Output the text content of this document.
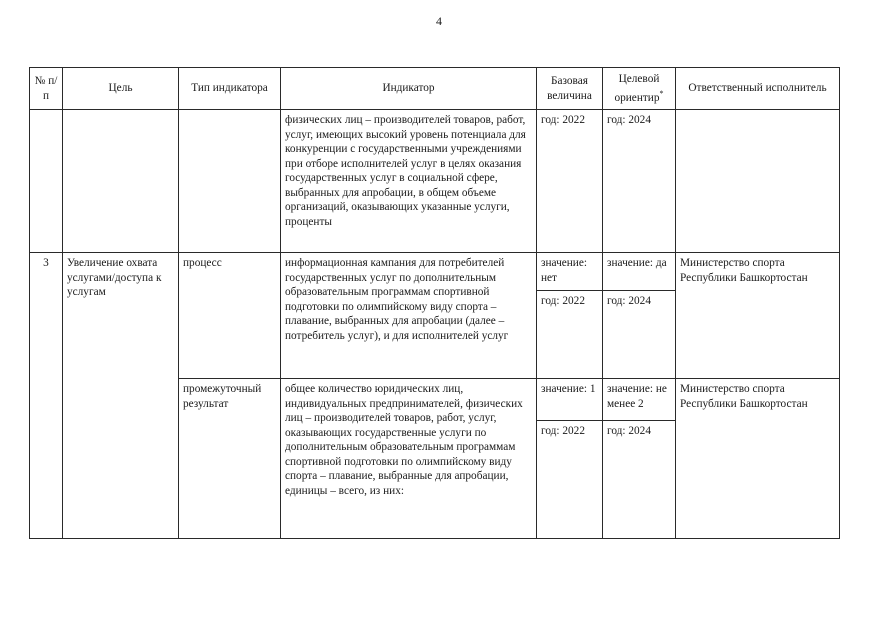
4
№ п/п	Цель	Тип индикатора	Индикатор	Базовая величина	Целевой ориентир*	Ответственный исполнитель
			физических лиц – производителей товаров, работ, услуг, имеющих высокий уровень потенциала для конкуренции с государственными учреждениями при отборе исполнителей услуг в целях оказания государственных услуг в социальной сфере, выбранных для апробации, в общем объеме организаций, оказывающих указанные услуги, проценты	год: 2022	год: 2024	
3	Увеличение охвата услугами/доступа к услугам	процесс	информационная кампания для потребителей государственных услуг по дополнительным образовательным программам спортивной подготовки по олимпийскому виду спорта – плавание, выбранных для апробации (далее – потребитель услуг), и для исполнителей услуг	значение: нет	значение: да	Министерство спорта Республики Башкортостан
				год: 2022	год: 2024	
		промежуточный результат	общее количество юридических лиц, индивидуальных предпринимателей, физических лиц – производителей товаров, работ, услуг, оказывающих государственные услуги по дополнительным образовательным программам спортивной подготовки по олимпийскому виду спорта – плавание, выбранные для апробации, единицы – всего, из них:	значение: 1	значение: не менее 2	Министерство спорта Республики Башкортостан
				год: 2022	год: 2024	
